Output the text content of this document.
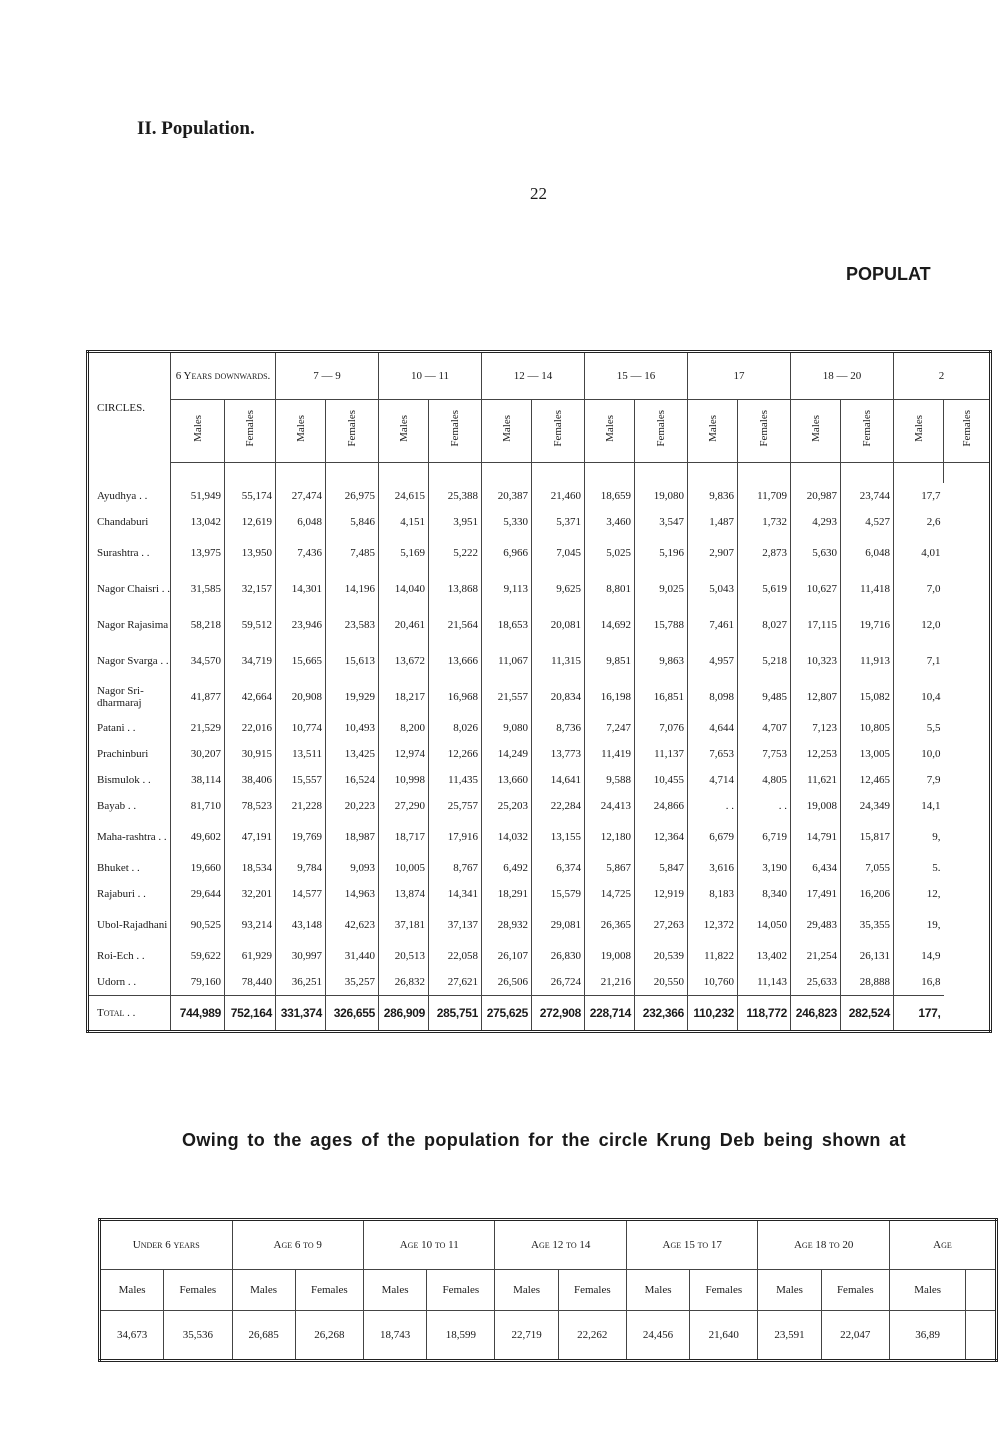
II. Population.
22
POPULAT
CIRCLES.	6 Years downwards.		7 — 9		10 — 11		12 — 14		15 — 16		17		18 — 20		2	
	Males	Females	Males	Females	Males	Females	Males	Females	Males	Females	Males	Females	Males	Females	Males	Females

Ayudhya . .	51,949	55,174	27,474	26,975	24,615	25,388	20,387	21,460	18,659	19,080	9,836	11,709	20,987	23,744	17,7	
Chandaburi	13,042	12,619	6,048	5,846	4,151	3,951	5,330	5,371	3,460	3,547	1,487	1,732	4,293	4,527	2,6	
Surashtra . .	13,975	13,950	7,436	7,485	5,169	5,222	6,966	7,045	5,025	5,196	2,907	2,873	5,630	6,048	4,01	
Nagor Chaisri . .	31,585	32,157	14,301	14,196	14,040	13,868	9,113	9,625	8,801	9,025	5,043	5,619	10,627	11,418	7,0	
Nagor Rajasima	58,218	59,512	23,946	23,583	20,461	21,564	18,653	20,081	14,692	15,788	7,461	8,027	17,115	19,716	12,0	
Nagor Svarga . .	34,570	34,719	15,665	15,613	13,672	13,666	11,067	11,315	9,851	9,863	4,957	5,218	10,323	11,913	7,1	
Nagor Sri-dharmaraj	41,877	42,664	20,908	19,929	18,217	16,968	21,557	20,834	16,198	16,851	8,098	9,485	12,807	15,082	10,4	
Patani . .	21,529	22,016	10,774	10,493	8,200	8,026	9,080	8,736	7,247	7,076	4,644	4,707	7,123	10,805	5,5	
Prachinburi	30,207	30,915	13,511	13,425	12,974	12,266	14,249	13,773	11,419	11,137	7,653	7,753	12,253	13,005	10,0	
Bismulok . .	38,114	38,406	15,557	16,524	10,998	11,435	13,660	14,641	9,588	10,455	4,714	4,805	11,621	12,465	7,9	
Bayab . .	81,710	78,523	21,228	20,223	27,290	25,757	25,203	22,284	24,413	24,866	. .	. .	19,008	24,349	14,1	
Maha-rashtra . .	49,602	47,191	19,769	18,987	18,717	17,916	14,032	13,155	12,180	12,364	6,679	6,719	14,791	15,817	9,	
Bhuket . .	19,660	18,534	9,784	9,093	10,005	8,767	6,492	6,374	5,867	5,847	3,616	3,190	6,434	7,055	5.	
Rajaburi . .	29,644	32,201	14,577	14,963	13,874	14,341	18,291	15,579	14,725	12,919	8,183	8,340	17,491	16,206	12,	
Ubol-Rajadhani	90,525	93,214	43,148	42,623	37,181	37,137	28,932	29,081	26,365	27,263	12,372	14,050	29,483	35,355	19,	
Roi-Ech . .	59,622	61,929	30,997	31,440	20,513	22,058	26,107	26,830	19,008	20,539	11,822	13,402	21,254	26,131	14,9	
Udorn . .	79,160	78,440	36,251	35,257	26,832	27,621	26,506	26,724	21,216	20,550	10,760	11,143	25,633	28,888	16,8	
Total . .	744,989	752,164	331,374	326,655	286,909	285,751	275,625	272,908	228,714	232,366	110,232	118,772	246,823	282,524	177,	
Owing to the ages of the population for the circle Krung Deb being shown at
Under 6 years		Age 6 to 9		Age 10 to 11		Age 12 to 14		Age 15 to 17		Age 18 to 20		Age	
Males	Females	Males	Females	Males	Females	Males	Females	Males	Females	Males	Females	Males	
34,673	35,536	26,685	26,268	18,743	18,599	22,719	22,262	24,456	21,640	23,591	22,047	36,89	
